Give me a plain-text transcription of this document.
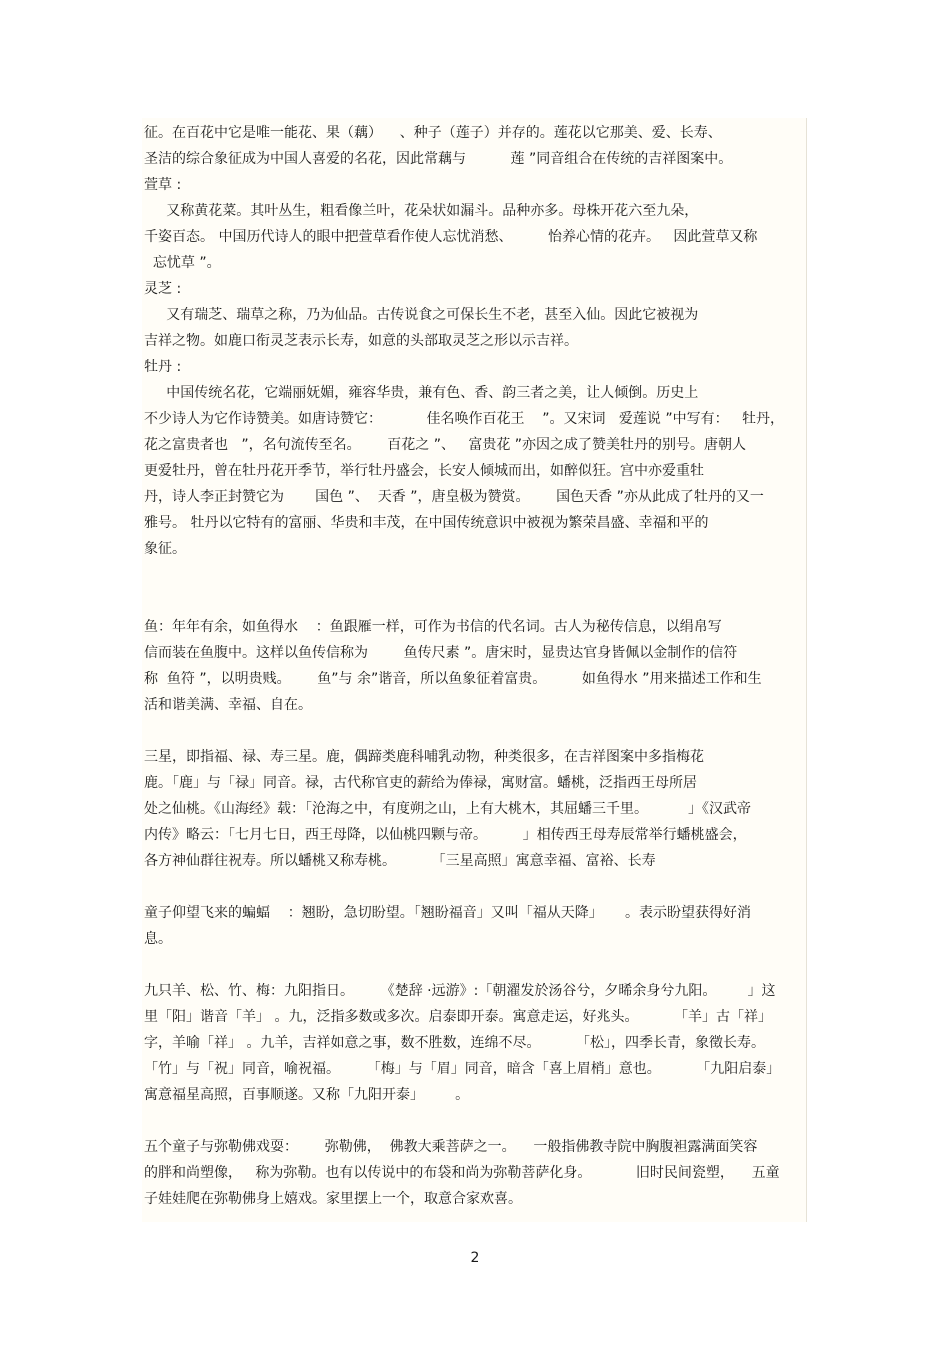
征。在百花中它是唯一能花、果（藕）    、种子（莲子）并存的。莲花以它那美、爱、长寿、
圣洁的综合象征成为中国人喜爱的名花，因此常藕与          莲 ”同音组合在传统的吉祥图案中。
萱草 :
又称黄花菜。其叶丛生，粗看像兰叶，花朵状如漏斗。品种亦多。母株开花六至九朵，
千姿百态。 中国历代诗人的眼中把萱草看作使人忘忧消愁、        怡养心情的花卉。   因此萱草又称
忘忧草 ”。
灵芝 :
又有瑞芝、瑞草之称，乃为仙品。古传说食之可保长生不老，甚至入仙。因此它被视为
吉祥之物。如鹿口衔灵芝表示长寿，如意的头部取灵芝之形以示吉祥。
牡丹 :
中国传统名花，它端丽妩媚，雍容华贵，兼有色、香、韵三者之美，让人倾倒。历史上
不少诗人为它作诗赞美。如唐诗赞它：          佳名唤作百花王    ”。又宋词   爱莲说 ”中写有：   牡丹，
花之富贵者也   ”，名句流传至名。      百花之 ”、   富贵花 ”亦因之成了赞美牡丹的别号。唐朝人
更爱牡丹，曾在牡丹花开季节，举行牡丹盛会，长安人倾城而出，如醉似狂。宫中亦爱重牡
丹，诗人李正封赞它为       国色 ”、  天香 ”，唐皇极为赞赏。      国色天香 ”亦从此成了牡丹的又一
雅号。 牡丹以它特有的富丽、华贵和丰茂，在中国传统意识中被视为繁荣昌盛、幸福和平的
象征。
鱼：年年有余，如鱼得水    ：鱼跟雁一样，可作为书信的代名词。古人为秘传信息，以绢帛写
信而装在鱼腹中。这样以鱼传信称为        鱼传尺素 ”。唐宋时，显贵达官身皆佩以金制作的信符
称  鱼符 ”，以明贵贱。      鱼”与 余”谐音，所以鱼象征着富贵。        如鱼得水 ”用来描述工作和生
活和谐美满、幸福、自在。
三星，即指福、禄、寿三星。鹿，偶蹄类鹿科哺乳动物，种类很多，在吉祥图案中多指梅花
鹿。「鹿」与「禄」同音。禄，古代称官吏的薪给为俸禄，寓财富。蟠桃，泛指西王母所居
处之仙桃。《山海经》载：「沧海之中，有度朔之山，上有大桃木，其屈蟠三千里。         」《汉武帝
内传》略云：「七月七日，西王母降，以仙桃四颗与帝。        」相传西王母寿辰常举行蟠桃盛会，
各方神仙群往祝寿。所以蟠桃又称寿桃。        「三星高照」寓意幸福、富裕、长寿
童子仰望飞来的蝙蝠    ：翘盼，急切盼望。「翘盼福音」又叫「福从天降」     。表示盼望获得好消
息。
九只羊、松、竹、梅：九阳指日。      《楚辞 ·远游》:「朝濯发於汤谷兮，夕晞余身兮九阳。       」这
里「阳」谐音「羊」 。九，泛指多数或多次。启泰即开泰。寓意走运，好兆头。        「羊」古「祥」
字，羊喻「祥」 。九羊，吉祥如意之事，数不胜数，连绵不尽。        「松」，四季长青，象徵长寿。
「竹」与「祝」同音，喻祝福。      「梅」与「眉」同音，暗含「喜上眉梢」意也。        「九阳启泰」
寓意福星高照，百事顺遂。又称「九阳开泰」       。
五个童子与弥勒佛戏耍：      弥勒佛，  佛教大乘菩萨之一。    一般指佛教寺院中胸腹袒露满面笑容
的胖和尚塑像，   称为弥勒。也有以传说中的布袋和尚为弥勒菩萨化身。          旧时民间瓷塑，    五童
子娃娃爬在弥勒佛身上嬉戏。家里摆上一个，取意合家欢喜。
2
